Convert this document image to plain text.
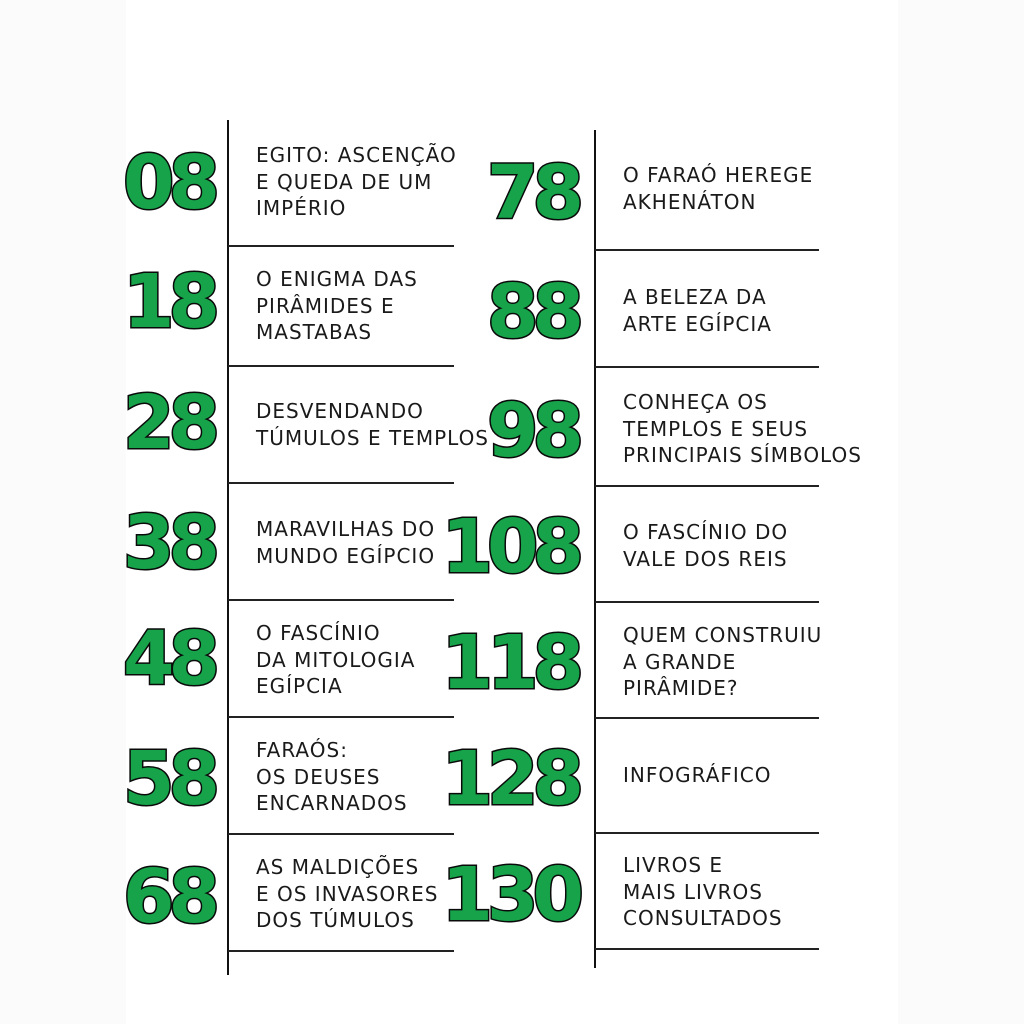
08 EGITO: ASCENÇÃO
E QUEDA DE UM
IMPÉRIO
18 O ENIGMA DAS
PIRÂMIDES E
MASTABAS
28 DESVENDANDO
TÚMULOS E TEMPLOS
38 MARAVILHAS DO
MUNDO EGÍPCIO
48 O FASCÍNIO
DA MITOLOGIA
EGÍPCIA
58 FARAÓS:
OS DEUSES
ENCARNADOS
68 AS MALDIÇÕES
E OS INVASORES
DOS TÚMULOS
78 O FARAÓ HEREGE
AKHENÁTON
88 A BELEZA DA
ARTE EGÍPCIA
98 CONHEÇA OS
TEMPLOS E SEUS
PRINCIPAIS SÍMBOLOS
108 O FASCÍNIO DO
VALE DOS REIS
118 QUEM CONSTRUIU
A GRANDE
PIRÂMIDE?
128 INFOGRÁFICO
130 LIVROS E
MAIS LIVROS
CONSULTADOS
